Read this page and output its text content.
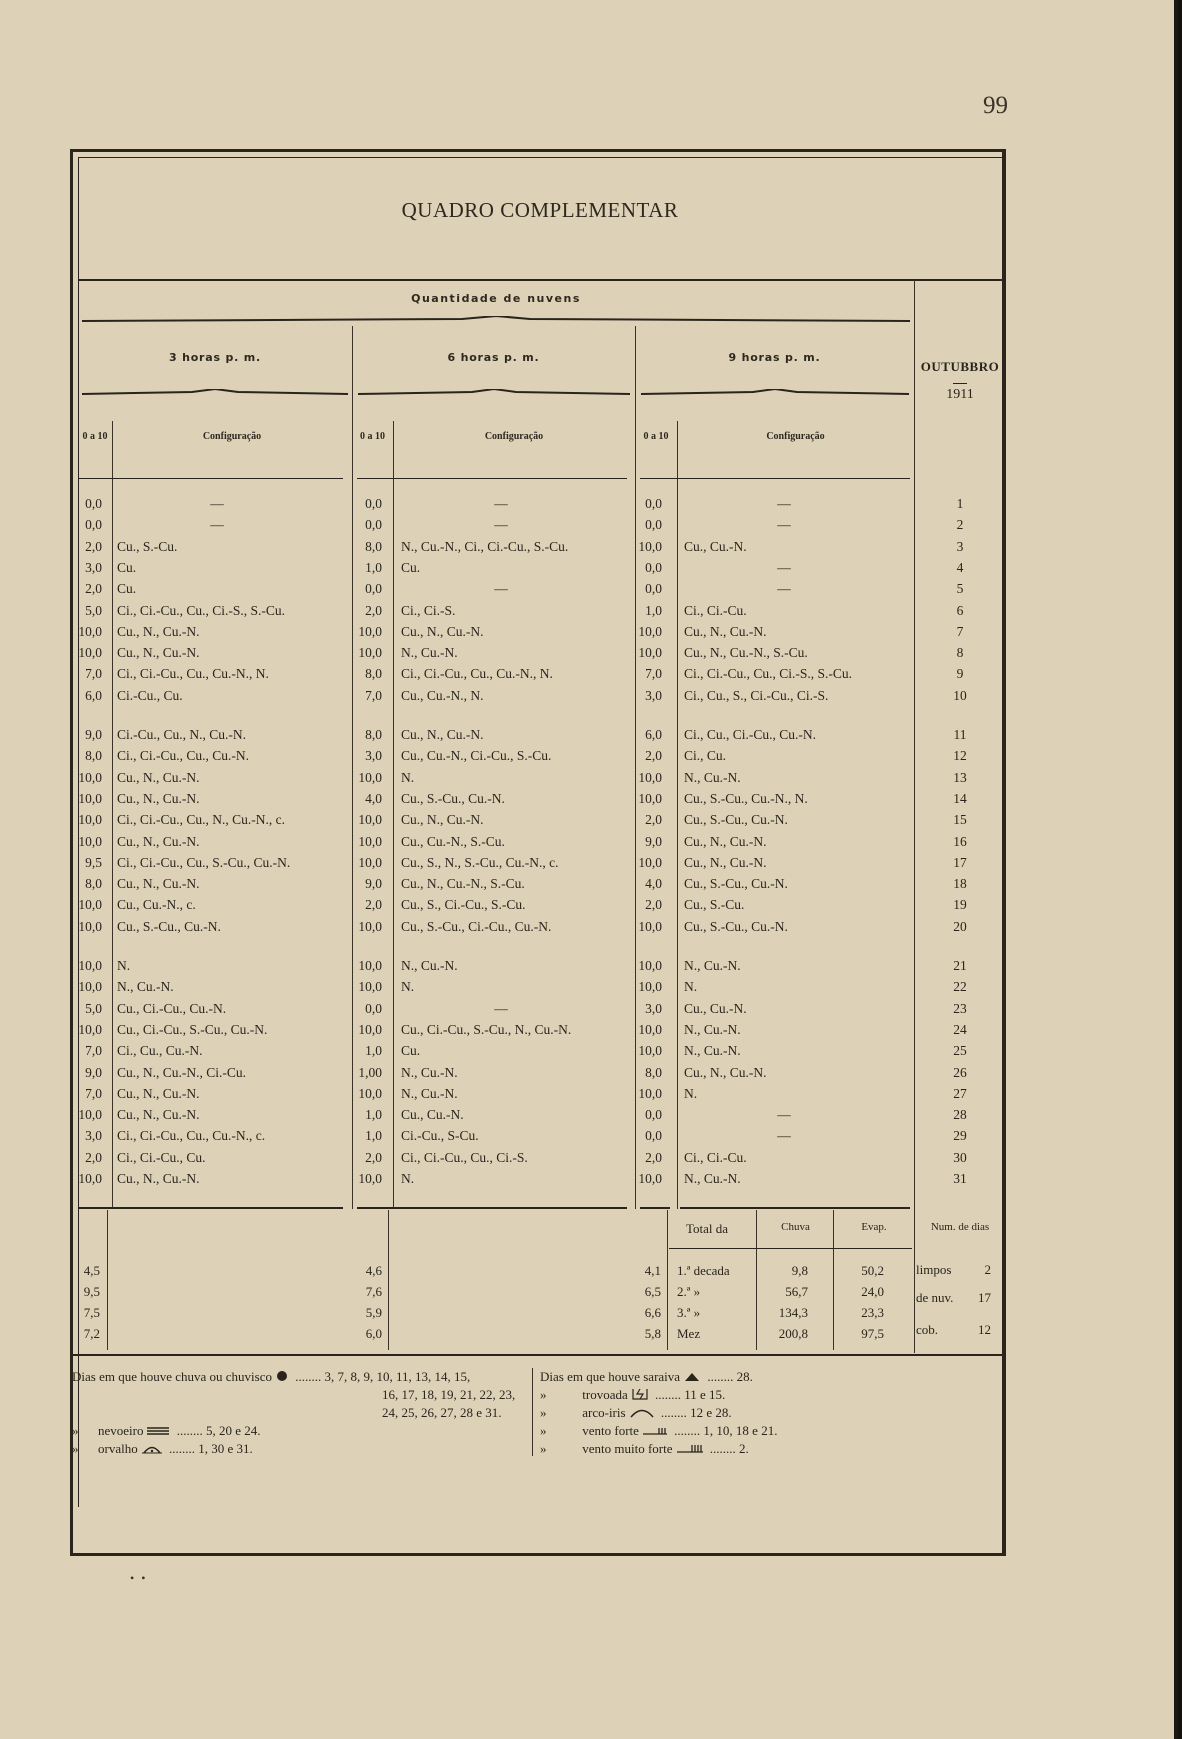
99
QUADRO COMPLEMENTAR
Quantidade de nuvens
3 horas p. m.	6 horas p. m.	9 horas p. m.
OUTUBBRO
1911
0 a 10	Configuração	0 a 10	Configuração	0 a 10	Configuração
0,0	—	0,0	—	0,0	—	1
0,0	—	0,0	—	0,0	—	2
2,0 Cu., S.-Cu.	8,0 N., Cu.-N., Ci., Ci.-Cu., S.-Cu.	10,0 Cu., Cu.-N.	3
3,0 Cu.	1,0 Cu.	0,0	—	4
2,0 Cu.	0,0	—	0,0	—	5
5,0 Ci., Ci.-Cu., Cu., Ci.-S., S.-Cu.	2,0 Ci., Ci.-S.	1,0 Ci., Ci.-Cu.	6
10,0 Cu., N., Cu.-N.	10,0 Cu., N., Cu.-N.	10,0 Cu., N., Cu.-N.	7
10,0 Cu., N., Cu.-N.	10,0 N., Cu.-N.	10,0 Cu., N., Cu.-N., S.-Cu.	8
7,0 Ci., Ci.-Cu., Cu., Cu.-N., N.	8,0 Ci., Ci.-Cu., Cu., Cu.-N., N.	7,0 Ci., Ci.-Cu., Cu., Ci.-S., S.-Cu.	9
6,0 Ci.-Cu., Cu.	7,0 Cu., Cu.-N., N.	3,0 Ci., Cu., S., Ci.-Cu., Ci.-S.	10
9,0 Ci.-Cu., Cu., N., Cu.-N.	8,0 Cu., N., Cu.-N.	6,0 Ci., Cu., Ci.-Cu., Cu.-N.	11
8,0 Ci., Ci.-Cu., Cu., Cu.-N.	3,0 Cu., Cu.-N., Ci.-Cu., S.-Cu.	2,0 Ci., Cu.	12
10,0 Cu., N., Cu.-N.	10,0 N.	10,0 N., Cu.-N.	13
10,0 Cu., N., Cu.-N.	4,0 Cu., S.-Cu., Cu.-N.	10,0 Cu., S.-Cu., Cu.-N., N.	14
10,0 Ci., Ci.-Cu., Cu., N., Cu.-N., c.	10,0 Cu., N., Cu.-N.	2,0 Cu., S.-Cu., Cu.-N.	15
10,0 Cu., N., Cu.-N.	10,0 Cu., Cu.-N., S.-Cu.	9,0 Cu., N., Cu.-N.	16
9,5 Ci., Ci.-Cu., Cu., S.-Cu., Cu.-N.	10,0 Cu., S., N., S.-Cu., Cu.-N., c.	10,0 Cu., N., Cu.-N.	17
8,0 Cu., N., Cu.-N.	9,0 Cu., N., Cu.-N., S.-Cu.	4,0 Cu., S.-Cu., Cu.-N.	18
10,0 Cu., Cu.-N., c.	2,0 Cu., S., Ci.-Cu., S.-Cu.	2,0 Cu., S.-Cu.	19
10,0 Cu., S.-Cu., Cu.-N.	10,0 Cu., S.-Cu., Ci.-Cu., Cu.-N.	10,0 Cu., S.-Cu., Cu.-N.	20
10,0 N.	10,0 N., Cu.-N.	10,0 N., Cu.-N.	21
10,0 N., Cu.-N.	10,0 N.	10,0 N.	22
5,0 Cu., Ci.-Cu., Cu.-N.	0,0	—	3,0 Cu., Cu.-N.	23
10,0 Cu., Ci.-Cu., S.-Cu., Cu.-N.	10,0 Cu., Ci.-Cu., S.-Cu., N., Cu.-N.	10,0 N., Cu.-N.	24
7,0 Ci., Cu., Cu.-N.	1,0 Cu.	10,0 N., Cu.-N.	25
9,0 Cu., N., Cu.-N., Ci.-Cu.	1,00 N., Cu.-N.	8,0 Cu., N., Cu.-N.	26
7,0 Cu., N., Cu.-N.	10,0 N., Cu.-N.	10,0 N.	27
10,0 Cu., N., Cu.-N.	1,0 Cu., Cu.-N.	0,0	—	28
3,0 Ci., Ci.-Cu., Cu., Cu.-N., c.	1,0 Ci.-Cu., S-Cu.	0,0	—	29
2,0 Ci., Ci.-Cu., Cu.	2,0 Ci., Ci.-Cu., Cu., Ci.-S.	2,0 Ci., Ci.-Cu.	30
10,0 Cu., N., Cu.-N.	10,0 N.	10,0 N., Cu.-N.	31
Total da	Chuva	Evap.	Num. de dias
4,5	4,6	4,1 1.ª decada	9,8	50,2
9,5	7,6	6,5 2.ª »	56,7	24,0
7,5	5,9	6,6 3.ª »	134,3	23,3
7,2	6,0	5,8 Mez	200,8	97,5
limpos	2
de nuv.	17
cob.	12
Dias em que houve chuva ou chuvisco ........ 3, 7, 8, 9, 10, 11, 13, 14, 15,
16, 17, 18, 19, 21, 22, 23,
24, 25, 26, 27, 28 e 31.
»      nevoeiro ........ 5, 20 e 24.
»      orvalho ........ 1, 30 e 31.
Dias em que houve saraiva ........ 28.
»           trovoada ........ 11 e 15.
»           arco-iris ........ 12 e 28.
»           vento forte ........ 1, 10, 18 e 21.
»           vento muito forte	........ 2.
• •
